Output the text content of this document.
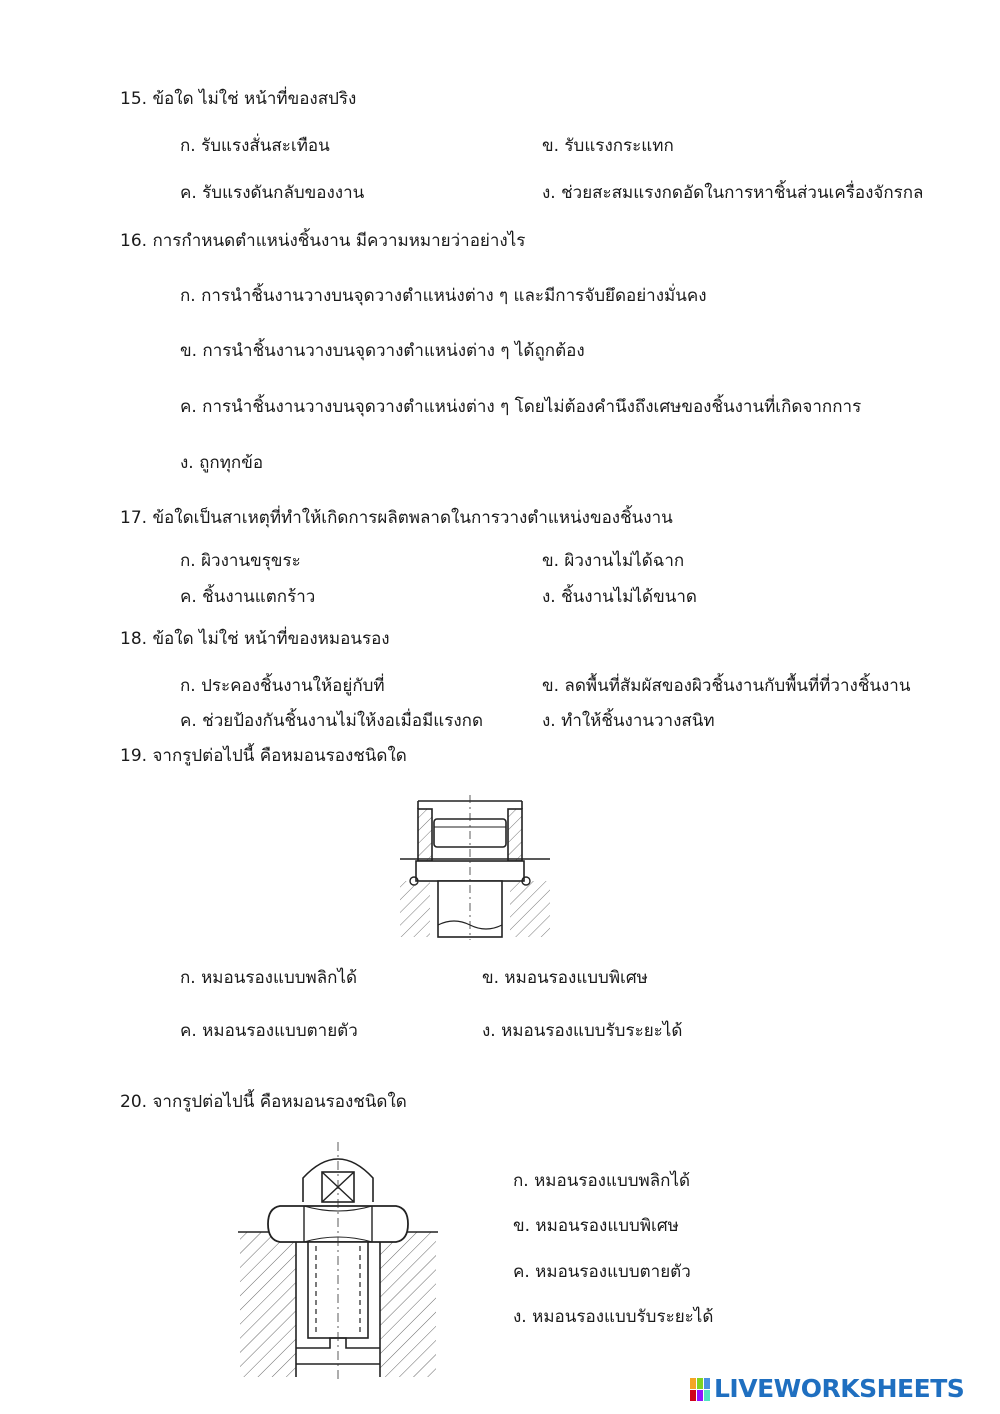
15. ข้อใด ไม่ใช่ หน้าที่ของสปริง
ก. รับแรงสั่นสะเทือน	ข. รับแรงกระแทก
ค. รับแรงดันกลับของงาน	ง. ช่วยสะสมแรงกดอัดในการหาชิ้นส่วนเครื่องจักรกล
16. การกำหนดตำแหน่งชิ้นงาน มีความหมายว่าอย่างไร
ก. การนำชิ้นงานวางบนจุดวางตำแหน่งต่าง ๆ และมีการจับยึดอย่างมั่นคง
ข. การนำชิ้นงานวางบนจุดวางตำแหน่งต่าง ๆ ได้ถูกต้อง
ค. การนำชิ้นงานวางบนจุดวางตำแหน่งต่าง ๆ โดยไม่ต้องคำนึงถึงเศษของชิ้นงานที่เกิดจากการ
ง. ถูกทุกข้อ
17. ข้อใดเป็นสาเหตุที่ทำให้เกิดการผลิตพลาดในการวางตำแหน่งของชิ้นงาน
ก. ผิวงานขรุขระ	ข. ผิวงานไม่ได้ฉาก
ค. ชิ้นงานแตกร้าว	ง. ชิ้นงานไม่ได้ขนาด
18. ข้อใด ไม่ใช่ หน้าที่ของหมอนรอง
ก. ประคองชิ้นงานให้อยู่กับที่	ข. ลดพื้นที่สัมผัสของผิวชิ้นงานกับพื้นที่ที่วางชิ้นงาน
ค. ช่วยป้องกันชิ้นงานไม่ให้งอเมื่อมีแรงกด	ง. ทำให้ชิ้นงานวางสนิท
19. จากรูปต่อไปนี้ คือหมอนรองชนิดใด
ก. หมอนรองแบบพลิกได้	ข. หมอนรองแบบพิเศษ
ค. หมอนรองแบบตายตัว	ง. หมอนรองแบบรับระยะได้
20. จากรูปต่อไปนี้ คือหมอนรองชนิดใด
ก. หมอนรองแบบพลิกได้
ข. หมอนรองแบบพิเศษ
ค. หมอนรองแบบตายตัว
ง. หมอนรองแบบรับระยะได้
LIVEWORKSHEETS
